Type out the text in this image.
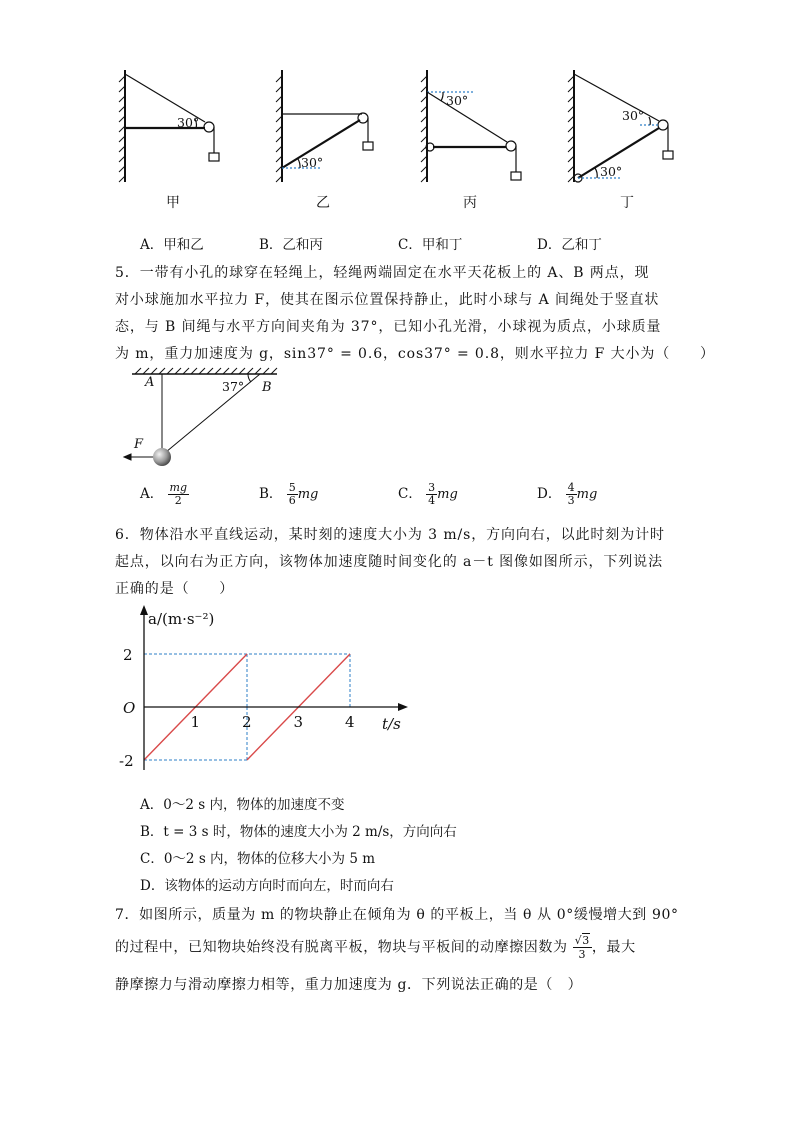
30°
30°
30°
30°
30°
甲	乙	丙	丁
A．甲和乙	B．乙和丙	C．甲和丁	D．乙和丁
5．一带有小孔的球穿在轻绳上，轻绳两端固定在水平天花板上的 A、B 两点，现
对小球施加水平拉力 F，使其在图示位置保持静止，此时小球与 A 间绳处于竖直状
态，与 B 间绳与水平方向间夹角为 37°，已知小孔光滑，小球视为质点，小球质量
为 m，重力加速度为 g，sin37° = 0.6，cos37° = 0.8，则水平拉力 F 大小为（　　）
A	B
37°
F
A． $\frac{mg}{2}$	B． $\frac{5}{6}$ mg	C． $\frac{3}{4}$ mg	D． $\frac{4}{3}$ mg
6．物体沿水平直线运动，某时刻的速度大小为 3 m/s，方向向右，以此时刻为计时
起点，以向右为正方向，该物体加速度随时间变化的 a－t 图像如图所示，下列说法
正确的是（　　）
1	2	3	4
2
-2
O
a/(m·s⁻²)
t/s
A．0～2 s 内，物体的加速度不变
B．t = 3 s 时，物体的速度大小为 2 m/s，方向向右
C．0～2 s 内，物体的位移大小为 5 m
D．该物体的运动方向时而向左，时而向右
7．如图所示，质量为 m 的物块静止在倾角为 θ 的平板上，当 θ 从 0°缓慢增大到 90°
的过程中，已知物块始终没有脱离平板，物块与平板间的动摩擦因数为 $\frac{√3}{3}$ ，最大
静摩擦力与滑动摩擦力相等，重力加速度为 g．下列说法正确的是（　）
